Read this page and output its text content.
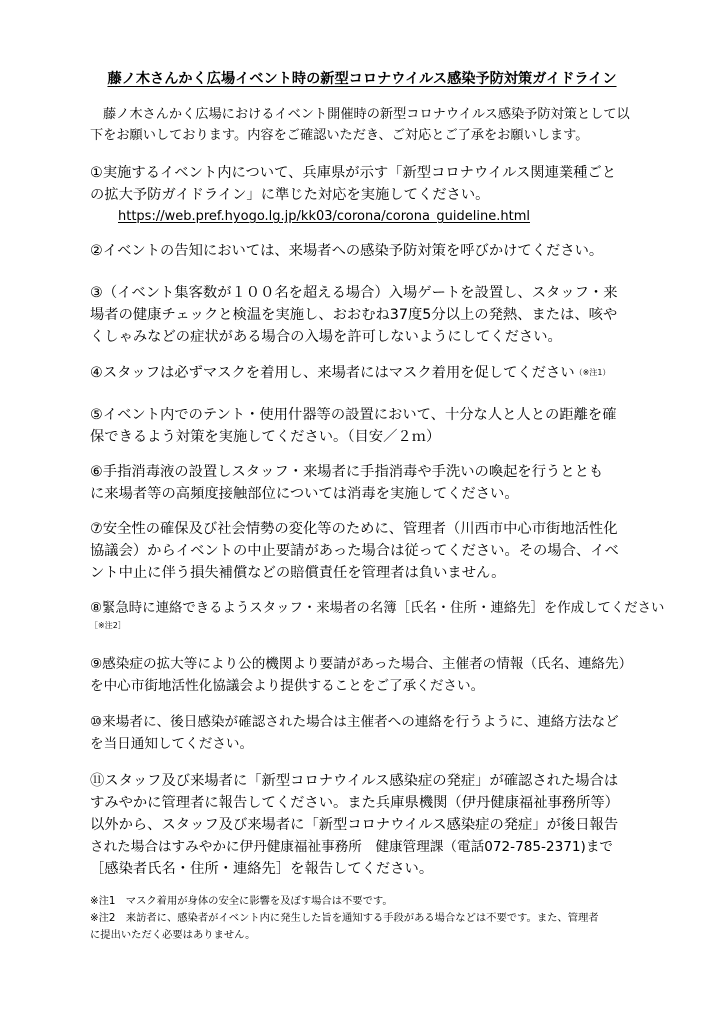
藤ノ木さんかく広場イベント時の新型コロナウイルス感染予防対策ガイドライン

藤ノ木さんかく広場におけるイベント開催時の新型コロナウイルス感染予防対策として以
下をお願いしております。内容をご確認いただき、ご対応とご了承をお願いします。

①実施するイベント内について、兵庫県が示す「新型コロナウイルス関連業種ごと
の拡大予防ガイドライン」に準じた対応を実施してください。
https://web.pref.hyogo.lg.jp/kk03/corona/corona_guideline.html

②イベントの告知においては、来場者への感染予防対策を呼びかけてください。

③（イベント集客数が１００名を超える場合）入場ゲートを設置し、スタッフ・来
場者の健康チェックと検温を実施し、おおむね37度5分以上の発熱、または、咳や
くしゃみなどの症状がある場合の入場を許可しないようにしてください。

④スタッフは必ずマスクを着用し、来場者にはマスク着用を促してください（※注1）

⑤イベント内でのテント・使用什器等の設置において、十分な人と人との距離を確
保できるよう対策を実施してください。（目安／２ｍ）

⑥手指消毒液の設置しスタッフ・来場者に手指消毒や手洗いの喚起を行うととも
に来場者等の高頻度接触部位については消毒を実施してください。

⑦安全性の確保及び社会情勢の変化等のために、管理者（川西市中心市街地活性化
協議会）からイベントの中止要請があった場合は従ってください。その場合、イベ
ント中止に伴う損失補償などの賠償責任を管理者は負いません。

⑧緊急時に連絡できるようスタッフ・来場者の名簿［氏名・住所・連絡先］を作成してください
［※注2］

⑨感染症の拡大等により公的機関より要請があった場合、主催者の情報（氏名、連絡先）
を中心市街地活性化協議会より提供することをご了承ください。

⑩来場者に、後日感染が確認された場合は主催者への連絡を行うように、連絡方法など
を当日通知してください。

⑪スタッフ及び来場者に「新型コロナウイルス感染症の発症」が確認された場合は
すみやかに管理者に報告してください。また兵庫県機関（伊丹健康福祉事務所等）
以外から、スタッフ及び来場者に「新型コロナウイルス感染症の発症」が後日報告
された場合はすみやかに伊丹健康福祉事務所　健康管理課（電話072-785-2371)まで
［感染者氏名・住所・連絡先］を報告してください。

※注1　マスク着用が身体の安全に影響を及ぼす場合は不要です。
※注2　来訪者に、感染者がイベント内に発生した旨を通知する手段がある場合などは不要です。また、管理者
に提出いただく必要はありません。
